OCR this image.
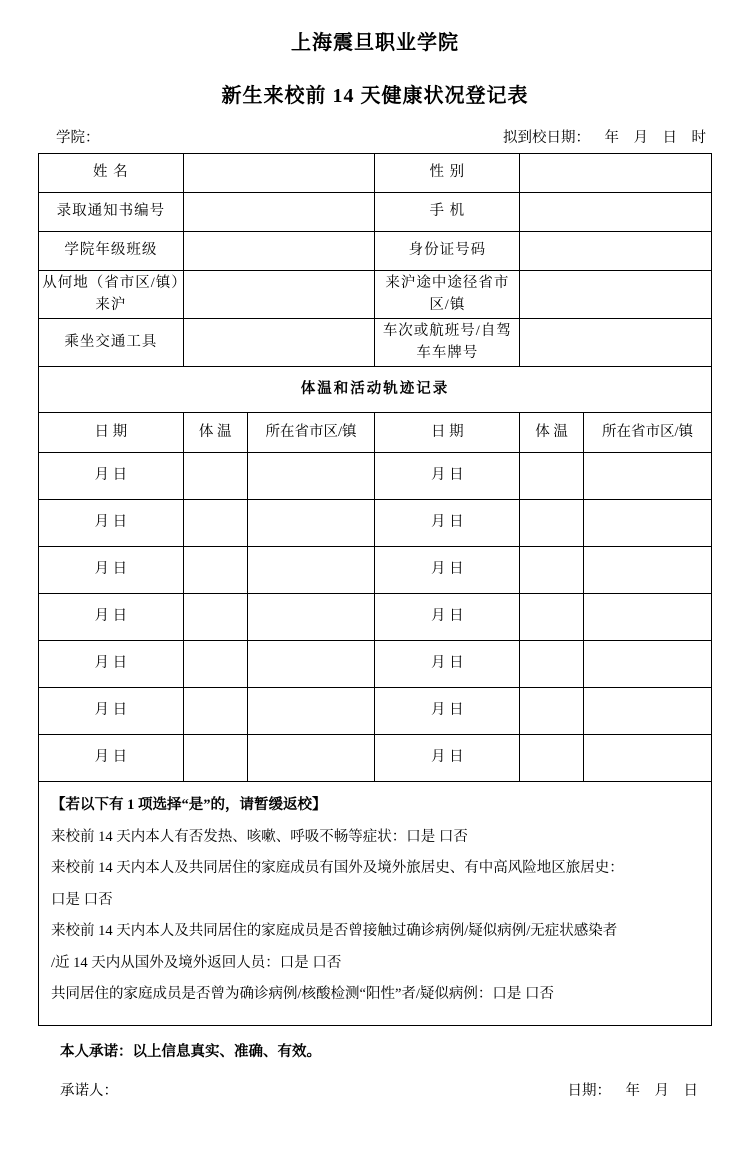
上海震旦职业学院
新生来校前 14 天健康状况登记表
学院：	拟到校日期：    年    月    日    时
姓 名		性 别	
录取通知书编号		手 机	
学院年级班级		身份证号码	
从何地（省市区/镇）来沪		来沪途中途径省市区/镇	
乘坐交通工具		车次或航班号/自驾车车牌号	
体温和活动轨迹记录			
日 期	体 温	所在省市区/镇	日 期	体 温	所在省市区/镇
月 日			月 日		
月 日			月 日		
月 日			月 日		
月 日			月 日		
月 日			月 日		
月 日			月 日		
月 日			月 日		

【若以下有 1 项选择“是”的，请暂缓返校】

来校前 14 天内本人有否发热、咳嗽、呼吸不畅等症状：口是 口否

来校前 14 天内本人及共同居住的家庭成员有国外及境外旅居史、有中高风险地区旅居史：

口是 口否

来校前 14 天内本人及共同居住的家庭成员是否曾接触过确诊病例/疑似病例/无症状感染者

/近 14 天内从国外及境外返回人员：口是 口否

共同居住的家庭成员是否曾为确诊病例/核酸检测“阳性”者/疑似病例：口是 口否

本人承诺：以上信息真实、准确、有效。
承诺人：	日期：    年    月    日
